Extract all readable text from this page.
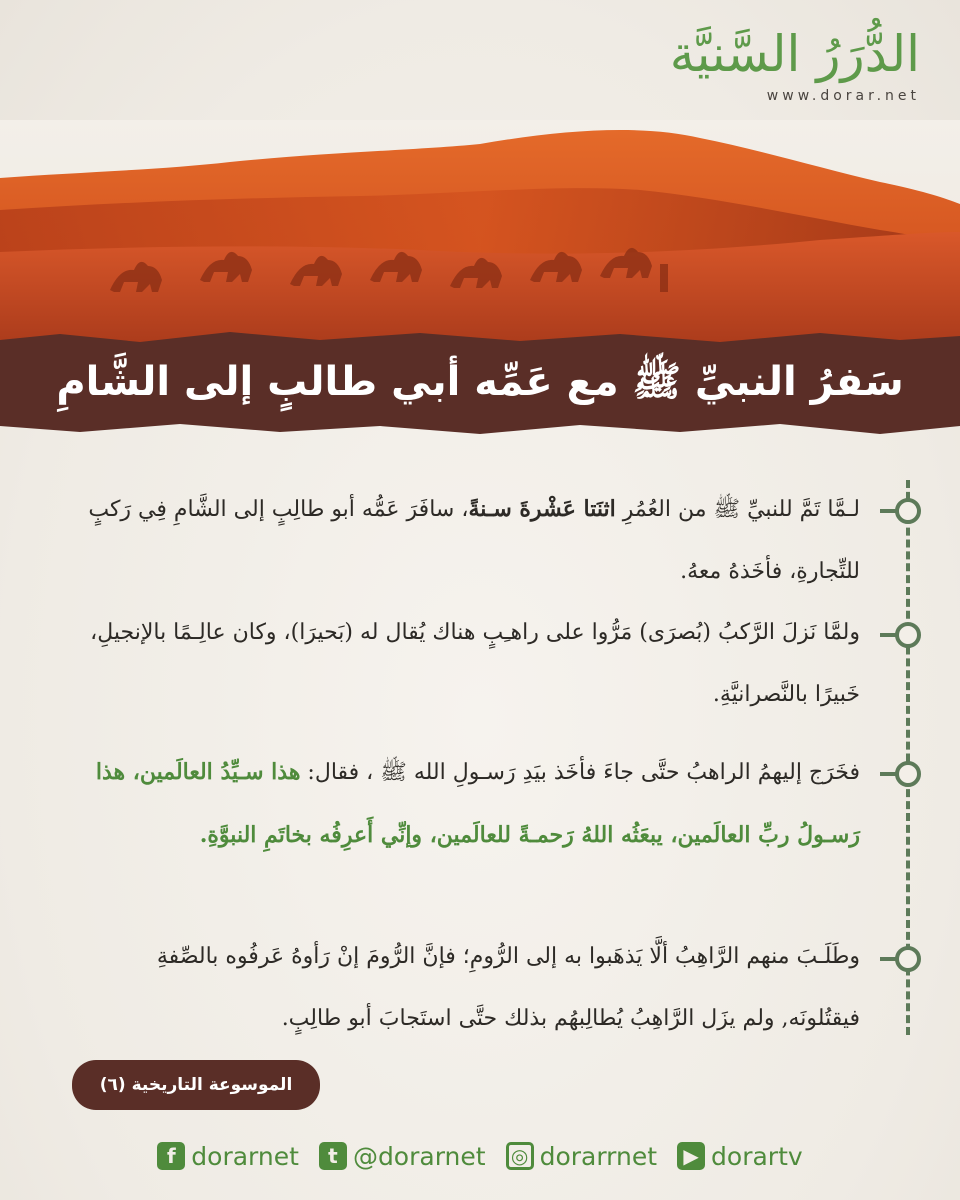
الدُّرَرُ السَّنيَّة
www.dorar.net
سَفرُ النبيِّ ﷺ مع عَمِّه أبي طالبٍ إلى الشَّامِ
لـمَّا تَمَّ للنبيِّ ﷺ من العُمُرِ اثنَتا عَشْرةَ سـنةً، سافَرَ عَمُّه أبو طالِبٍ إلى الشَّامِ فِي رَكبٍ للتِّجارةِ، فأخَذهُ معهُ.
ولمَّا نَزلَ الرَّكبُ (بُصرَى) مَرُّوا على راهـِبٍ هناك يُقال له (بَحيرَا)، وكان عالِـمًا بالإنجيلِ، خَبيرًا بالنَّصرانيَّةِ.
فخَرَج إليهمُ الراهبُ حتَّى جاءَ فأخَذ بيَدِ رَسـولِ الله ﷺ ، فقال: هذا سـيِّدُ العالَمين، هذا رَسـولُ ربِّ العالَمين، يبعَثُه اللهُ رَحمـةً للعالَمين، وإنِّي أَعرِفُه بخاتَمِ النبوَّةِ.
وطَلَـبَ منهم الرَّاهِبُ ألَّا يَذهَبوا به إلى الرُّومِ؛ فإنَّ الرُّومَ إنْ رَأوهُ عَرفُوه بالصِّفةِ فيقتُلونَه, ولم يزَل الرَّاهِبُ يُطالِبهُم بذلك حتَّى استَجابَ أبو طالِبٍ.
الموسوعة التاريخية (٦)
f dorarnet	t @dorarnet ◎ dorarrnet	▶ dorartv
